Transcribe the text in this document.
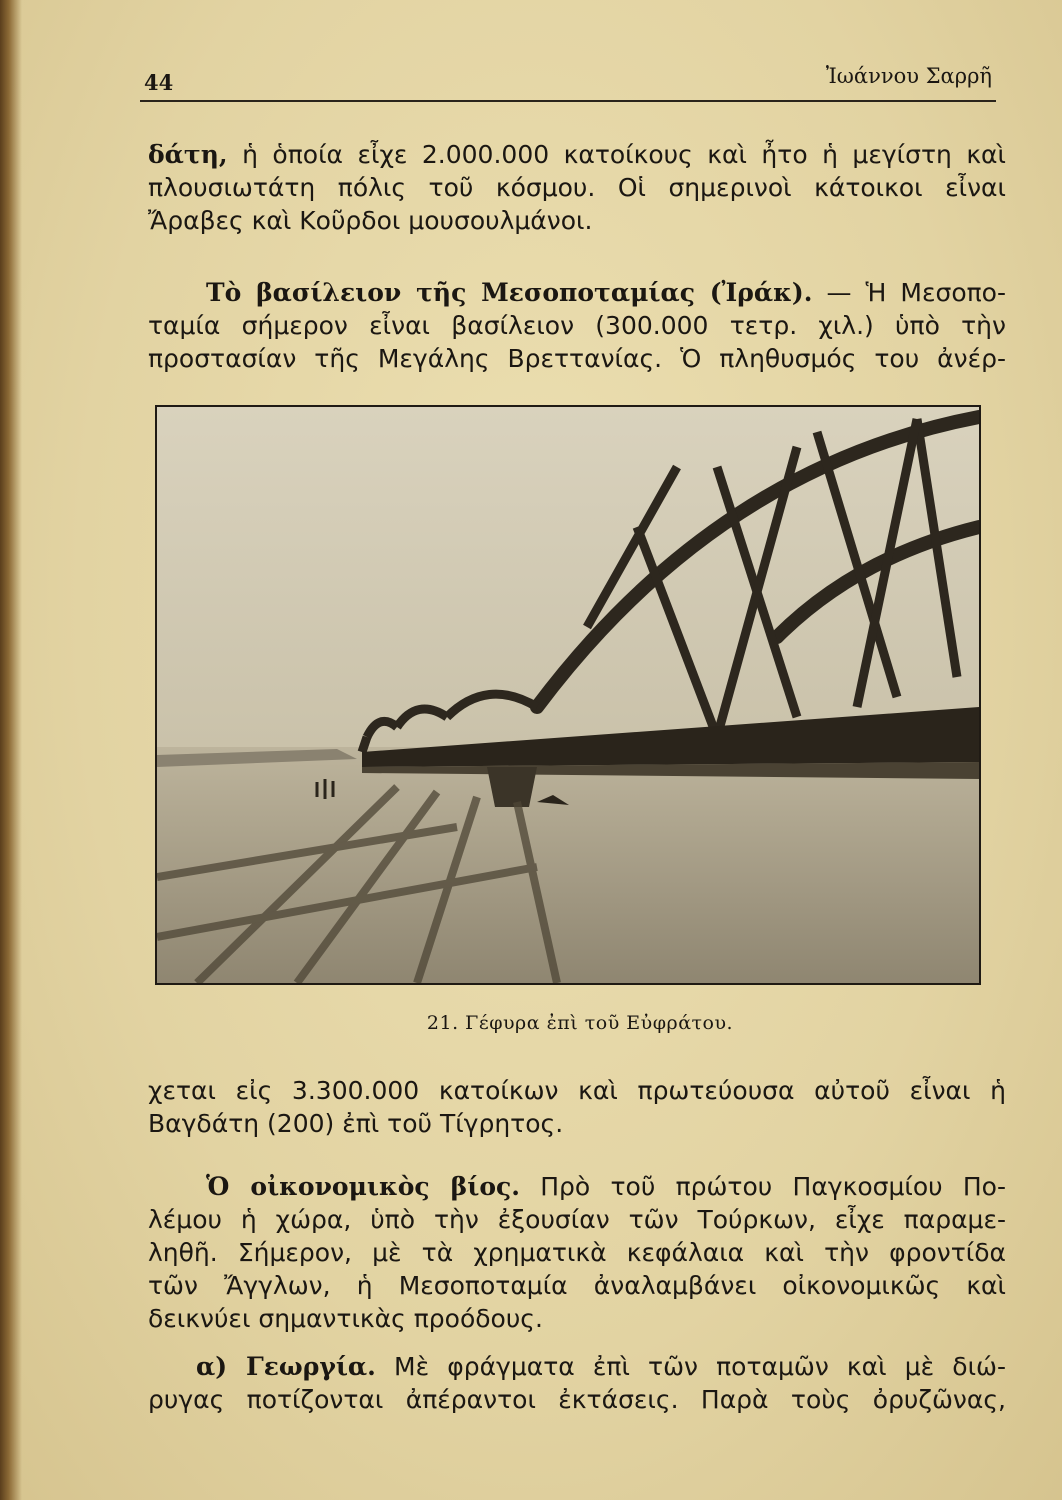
44	Ἰωάννου Σαρρῆ
δάτη, ἡ ὁποία εἶχε 2.000.000 κατοίκους καὶ ἦτο ἡ μεγίστη καὶ
πλουσιωτάτη πόλις τοῦ κόσμου. Οἱ σημερινοὶ κάτοικοι εἶναι
Ἄραβες καὶ Κοῦρδοι μουσουλμάνοι.
Τὸ βασίλειον τῆς Μεσοποταμίας (Ἰράκ). — Ἡ Μεσοπο-
ταμία σήμερον εἶναι βασίλειον (300.000 τετρ. χιλ.) ὑπὸ τὴν
προστασίαν τῆς Μεγάλης Βρεττανίας. Ὁ πληθυσμός του ἀνέρ-
21. Γέφυρα ἐπὶ τοῦ Εὐφράτου.
χεται εἰς 3.300.000 κατοίκων καὶ πρωτεύουσα αὐτοῦ εἶναι ἡ
Βαγδάτη (200) ἐπὶ τοῦ Τίγρητος.
Ὁ οἰκονομικὸς βίος. Πρὸ τοῦ πρώτου Παγκοσμίου Πο-
λέμου ἡ χώρα, ὑπὸ τὴν ἐξουσίαν τῶν Τούρκων, εἶχε παραμε-
ληθῆ. Σήμερον, μὲ τὰ χρηματικὰ κεφάλαια καὶ τὴν φροντίδα
τῶν Ἄγγλων, ἡ Μεσοποταμία ἀναλαμβάνει οἰκονομικῶς καὶ
δεικνύει σημαντικὰς προόδους.
α) Γεωργία. Μὲ φράγματα ἐπὶ τῶν ποταμῶν καὶ μὲ διώ-
ρυγας ποτίζονται ἀπέραντοι ἐκτάσεις. Παρὰ τοὺς ὀρυζῶνας,
